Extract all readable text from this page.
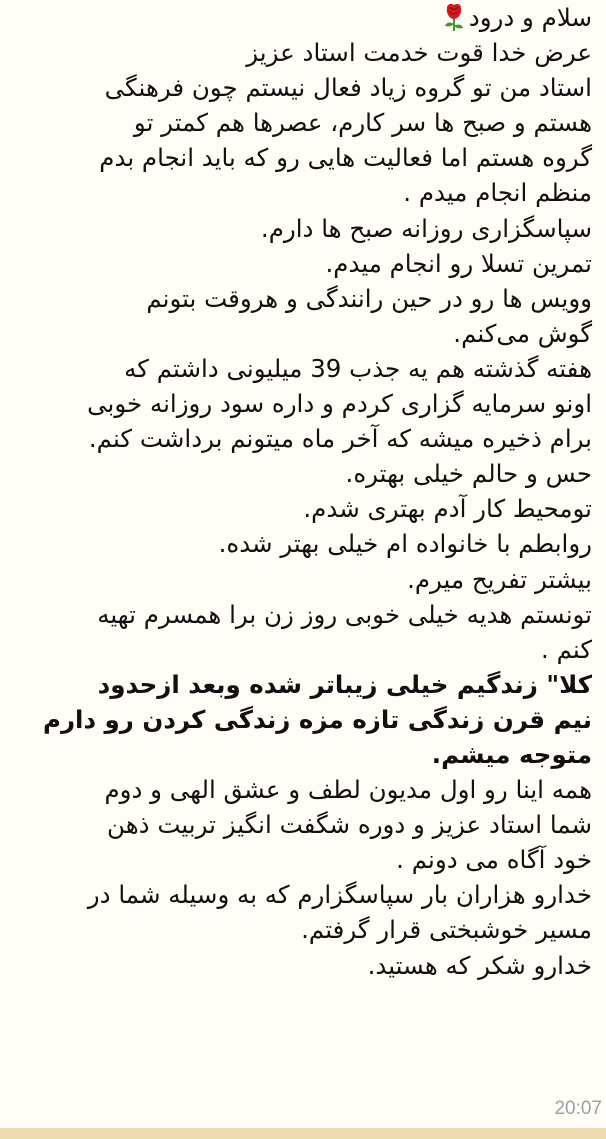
سلام و درود
عرض خدا قوت خدمت استاد عزیز
استاد من تو گروه زیاد فعال نیستم چون فرهنگی
هستم و صبح ها سر کارم، عصرها هم کمتر تو
گروه هستم اما فعالیت هایی رو که باید انجام بدم
منظم انجام میدم .
سپاسگزاری روزانه صبح ها دارم.
تمرین تسلا رو انجام میدم.
وویس ها رو در حین رانندگی و هروقت بتونم
گوش می‌کنم.
هفته گذشته هم یه جذب 39 میلیونی داشتم که
اونو سرمایه گزاری کردم و داره سود روزانه خوبی
برام ذخیره میشه که آخر ماه میتونم برداشت کنم.
حس و حالم خیلی بهتره.
تومحیط کار آدم بهتری شدم.
روابطم با خانواده ام خیلی بهتر شده.
بیشتر تفریح میرم.
تونستم هدیه خیلی خوبی روز زن برا همسرم تهیه
کنم .
کلا" زندگیم خیلی زیباتر شده وبعد ازحدود
نیم قرن زندگی تازه مزه زندگی کردن رو دارم
متوجه میشم.
همه اینا رو اول مدیون لطف و عشق الهی و دوم
شما استاد عزیز و دوره شگفت انگیز تربیت ذهن
خود آگاه می دونم .
خدارو هزاران بار سپاسگزارم که به وسیله شما در
مسیر خوشبختی قرار گرفتم.
خدارو شکر که هستید.
20:07
